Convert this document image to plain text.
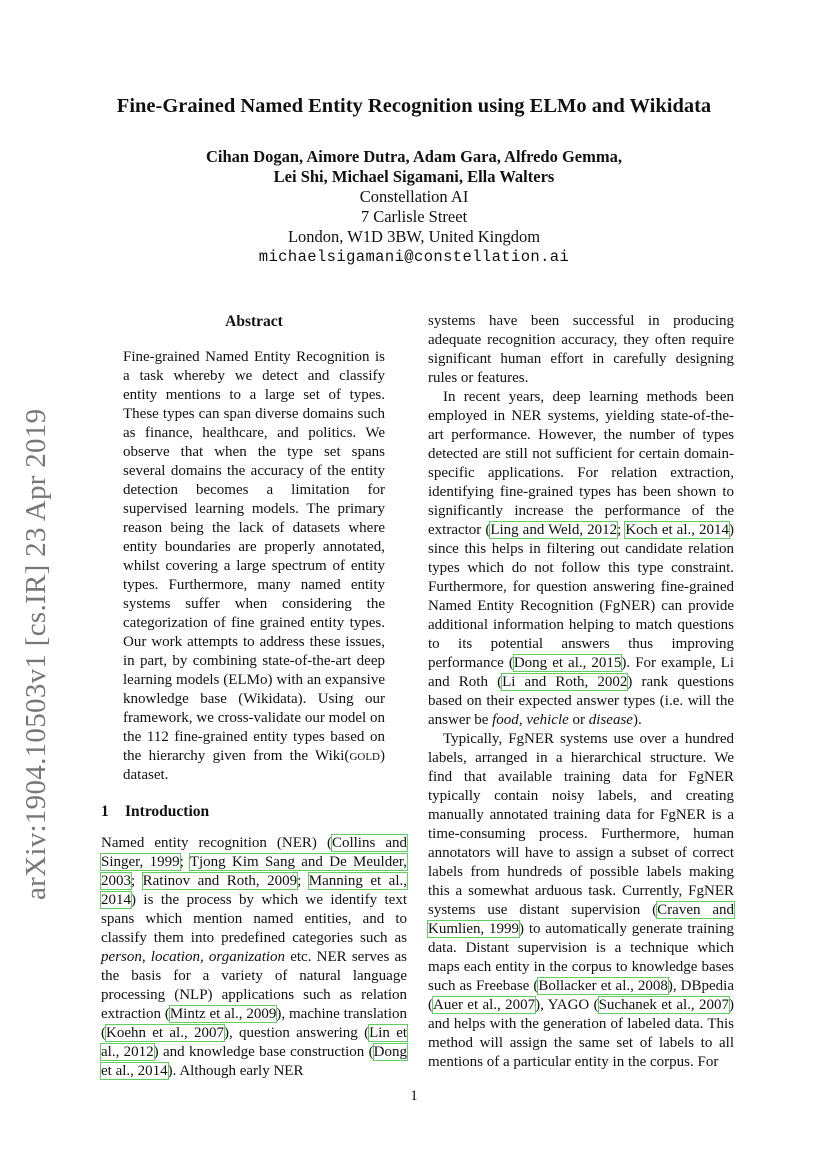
arXiv:1904.10503v1 [cs.IR] 23 Apr 2019
Fine-Grained Named Entity Recognition using ELMo and Wikidata
Cihan Dogan, Aimore Dutra, Adam Gara, Alfredo Gemma,
Lei Shi, Michael Sigamani, Ella Walters
Constellation AI
7 Carlisle Street
London, W1D 3BW, United Kingdom
michaelsigamani@constellation.ai
Abstract

Fine-grained Named Entity Recognition is a task whereby we detect and classify entity mentions to a large set of types. These types can span diverse domains such as finance, healthcare, and politics. We observe that when the type set spans several domains the accuracy of the entity detection becomes a limitation for supervised learning models. The primary reason being the lack of datasets where entity boundaries are properly annotated, whilst covering a large spectrum of entity types. Furthermore, many named entity systems suffer when considering the categorization of fine grained entity types. Our work attempts to address these issues, in part, by combining state-of-the-art deep learning models (ELMo) with an expansive knowledge base (Wikidata). Using our framework, we cross-validate our model on the 112 fine-grained entity types based on the hierarchy given from the Wiki(gold) dataset.

1 Introduction

Named entity recognition (NER) (Collins and Singer, 1999; Tjong Kim Sang and De Meulder, 2003; Ratinov and Roth, 2009; Manning et al., 2014) is the process by which we identify text spans which mention named entities, and to classify them into predefined categories such as person, location, organization etc. NER serves as the basis for a variety of natural language processing (NLP) applications such as relation extraction (Mintz et al., 2009), machine translation (Koehn et al., 2007), question answering (Lin et al., 2012) and knowledge base construction (Dong et al., 2014). Although early NER

systems have been successful in producing adequate recognition accuracy, they often require significant human effort in carefully designing rules or features.

In recent years, deep learning methods been employed in NER systems, yielding state-of-the-art performance. However, the number of types detected are still not sufficient for certain domain-specific applications. For relation extraction, identifying fine-grained types has been shown to significantly increase the performance of the extractor (Ling and Weld, 2012; Koch et al., 2014) since this helps in filtering out candidate relation types which do not follow this type constraint. Furthermore, for question answering fine-grained Named Entity Recognition (FgNER) can provide additional information helping to match questions to its potential answers thus improving performance (Dong et al., 2015). For example, Li and Roth (Li and Roth, 2002) rank questions based on their expected answer types (i.e. will the answer be food, vehicle or disease).

Typically, FgNER systems use over a hundred labels, arranged in a hierarchical structure. We find that available training data for FgNER typically contain noisy labels, and creating manually annotated training data for FgNER is a time-consuming process. Furthermore, human annotators will have to assign a subset of correct labels from hundreds of possible labels making this a somewhat arduous task. Currently, FgNER systems use distant supervision (Craven and Kumlien, 1999) to automatically generate training data. Distant supervision is a technique which maps each entity in the corpus to knowledge bases such as Freebase (Bollacker et al., 2008), DBpedia (Auer et al., 2007), YAGO (Suchanek et al., 2007) and helps with the generation of labeled data. This method will assign the same set of labels to all mentions of a particular entity in the corpus. For

1
